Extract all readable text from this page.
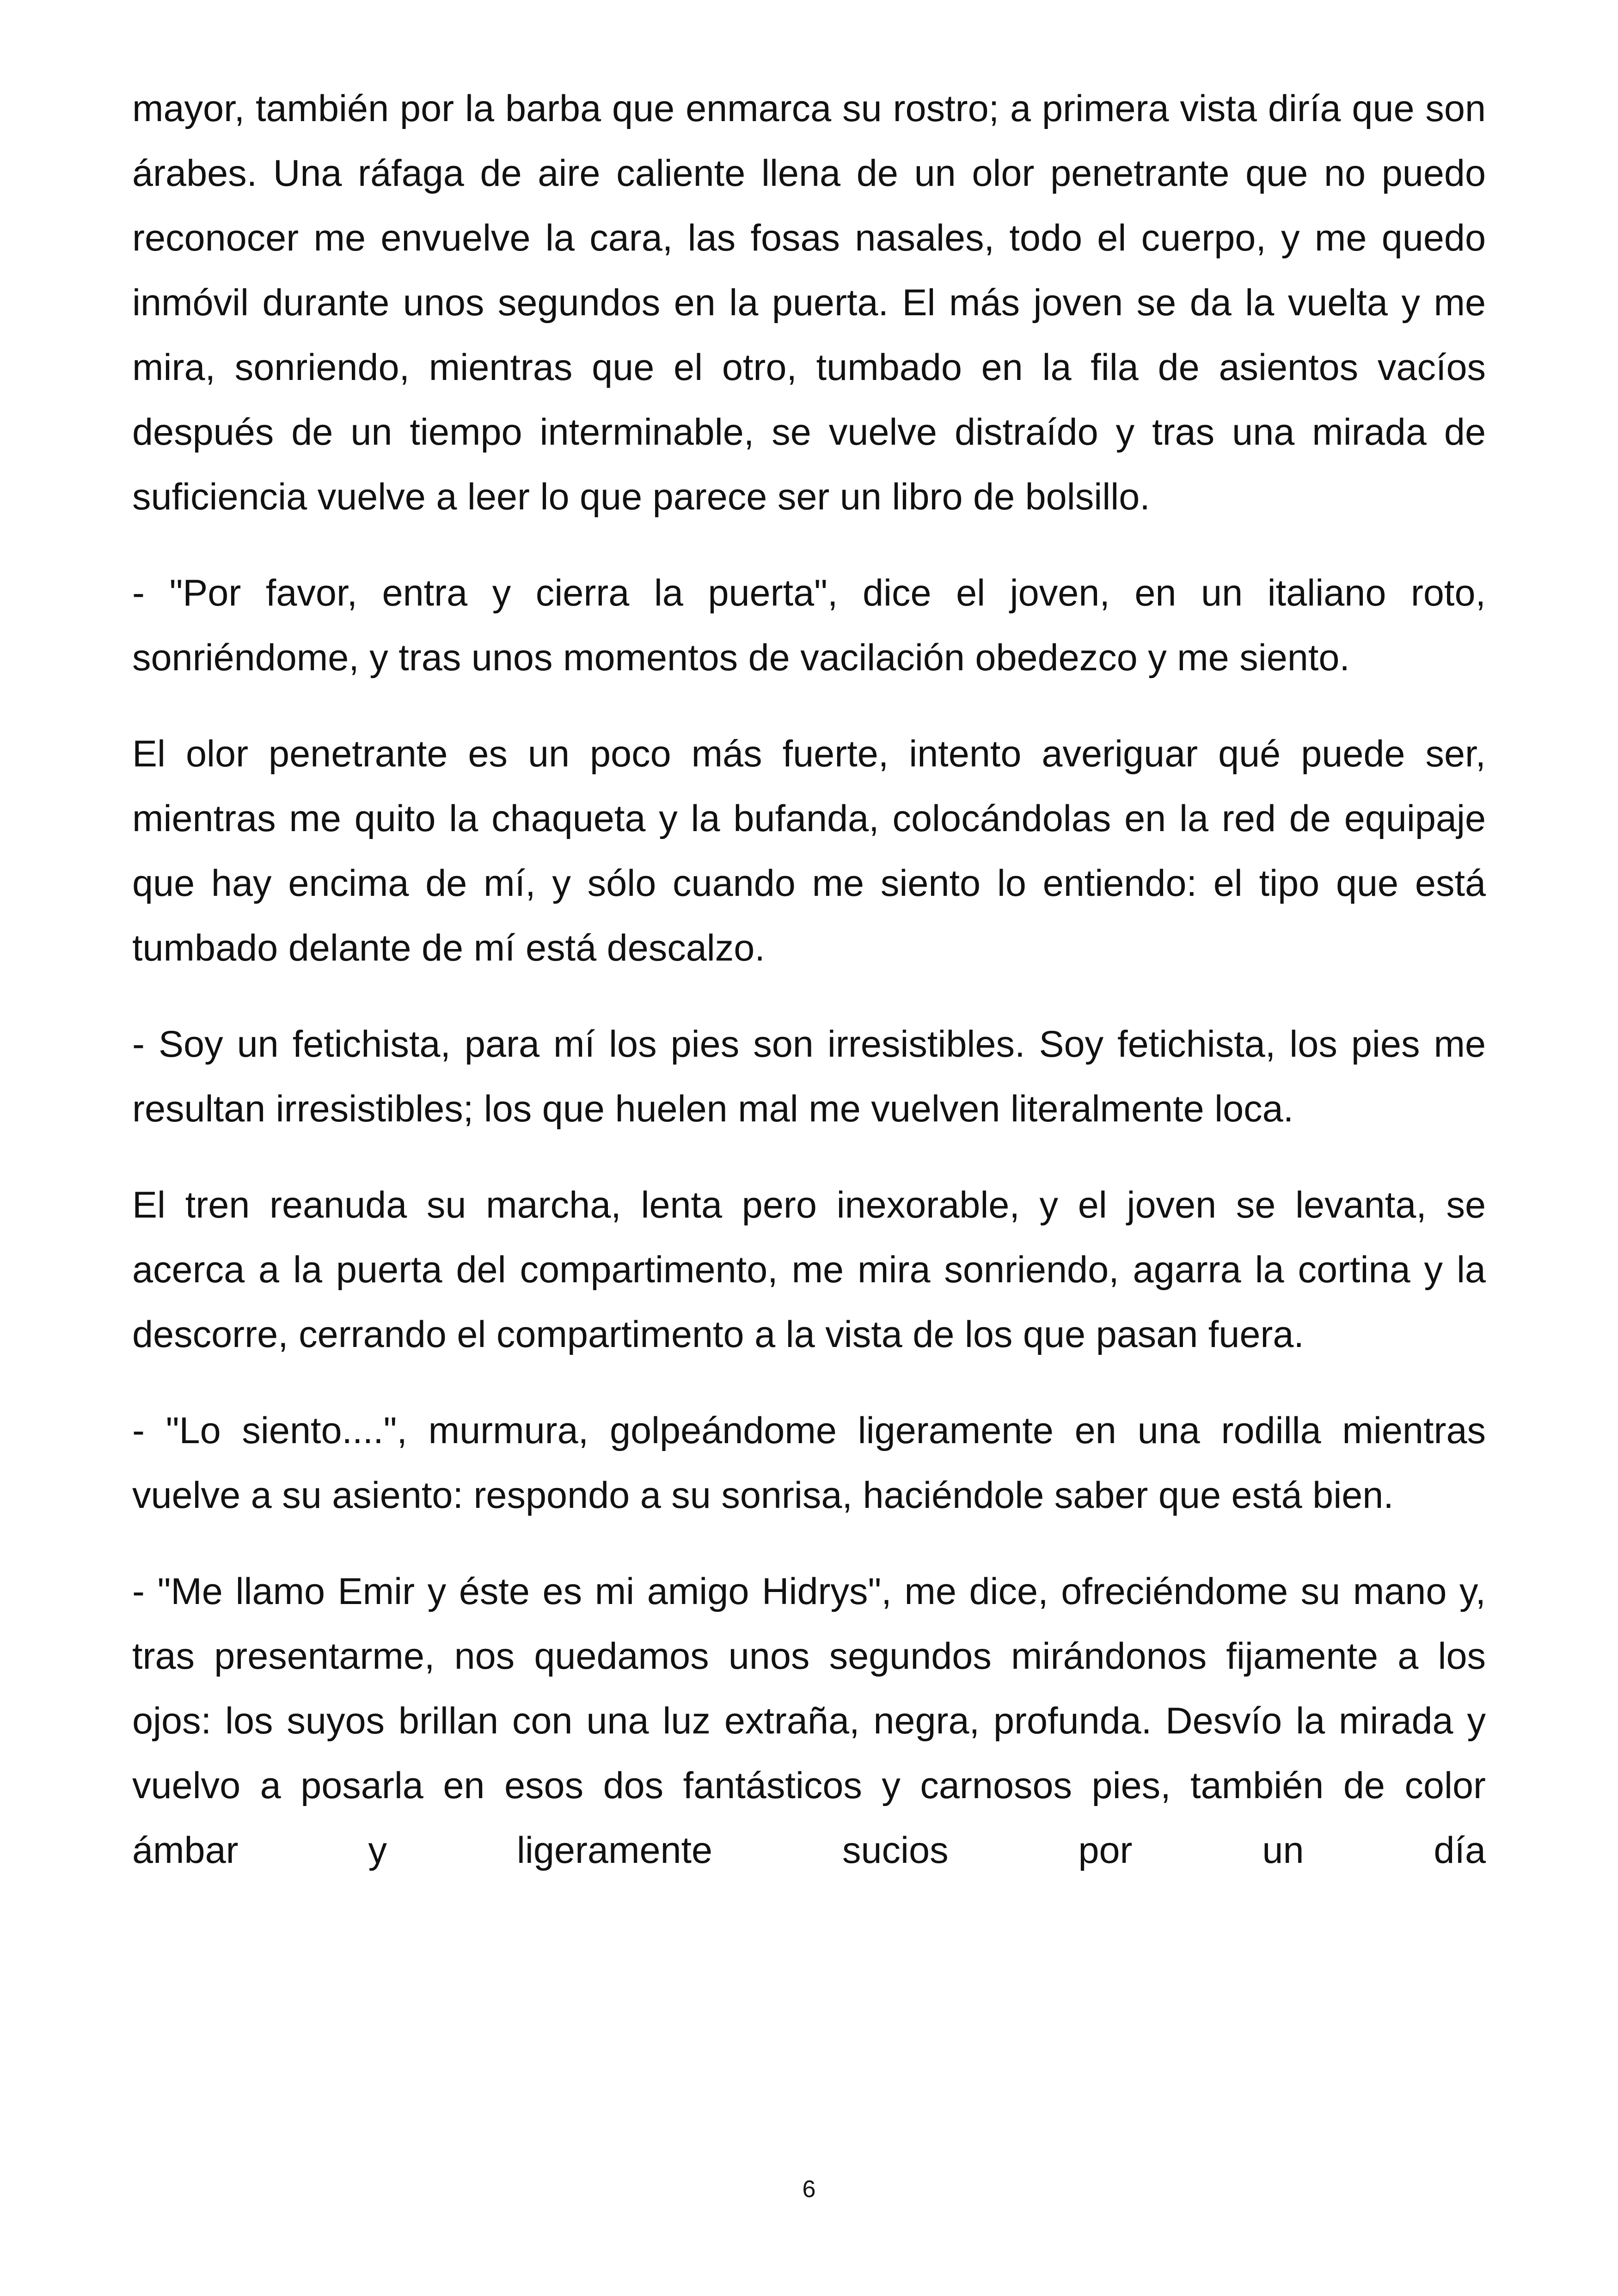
mayor, también por la barba que enmarca su rostro; a primera vista diría que son árabes. Una ráfaga de aire caliente llena de un olor penetrante que no puedo reconocer me envuelve la cara, las fosas nasales, todo el cuerpo, y me quedo inmóvil durante unos segundos en la puerta. El más joven se da la vuelta y me mira, sonriendo, mientras que el otro, tumbado en la fila de asientos vacíos después de un tiempo interminable, se vuelve distraído y tras una mirada de suficiencia vuelve a leer lo que parece ser un libro de bolsillo.

- "Por favor, entra y cierra la puerta", dice el joven, en un italiano roto, sonriéndome, y tras unos momentos de vacilación obedezco y me siento.

El olor penetrante es un poco más fuerte, intento averiguar qué puede ser, mientras me quito la chaqueta y la bufanda, colocándolas en la red de equipaje que hay encima de mí, y sólo cuando me siento lo entiendo: el tipo que está tumbado delante de mí está descalzo.

- Soy un fetichista, para mí los pies son irresistibles. Soy fetichista, los pies me resultan irresistibles; los que huelen mal me vuelven literalmente loca.

El tren reanuda su marcha, lenta pero inexorable, y el joven se levanta, se acerca a la puerta del compartimento, me mira sonriendo, agarra la cortina y la descorre, cerrando el compartimento a la vista de los que pasan fuera.

- "Lo siento....", murmura, golpeándome ligeramente en una rodilla mientras vuelve a su asiento: respondo a su sonrisa, haciéndole saber que está bien.

- "Me llamo Emir y éste es mi amigo Hidrys", me dice, ofreciéndome su mano y, tras presentarme, nos quedamos unos segundos mirándonos fijamente a los ojos: los suyos brillan con una luz extraña, negra, profunda. Desvío la mirada y vuelvo a posarla en esos dos fantásticos y carnosos pies, también de color ámbar y ligeramente sucios por un día

6
